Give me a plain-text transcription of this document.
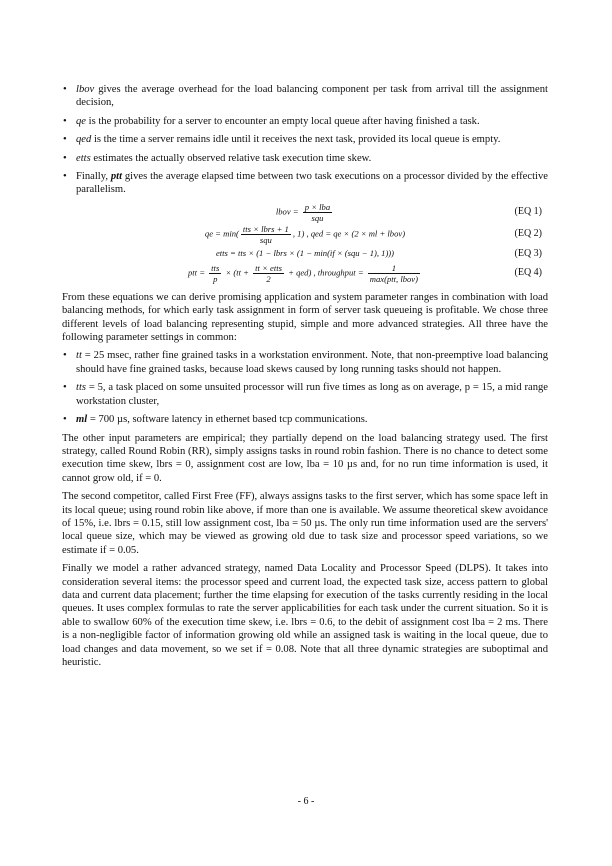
• lbov gives the average overhead for the load balancing component per task from arrival till the assignment decision,
• qe is the probability for a server to encounter an empty local queue after having finished a task.
• qed is the time a server remains idle until it receives the next task, provided its local queue is empty.
• etts estimates the actually observed relative task execution time skew.
• Finally, ptt gives the average elapsed time between two task executions on a processor divided by the effective parallelism.
lbov = $\frac{\text{p × lba}}{\text{squ}}$	(EQ 1)
qe = $\min( \frac{\text{tts × lbrs + 1}}{\text{squ}}$ , 1) , qed = qe × (2 × ml + lbov)	(EQ 2)
etts = tts × (1 − lbrs × (1 − min(if × (squ − 1), 1)))	(EQ 3)
ptt = $\frac{\text{tts}}{p} \times (tt + \frac{\text{tt × etts}}{2} + qed)$ , throughput = $\frac{1}{\text{max(ptt, lbov)}}$	(EQ 4)

From these equations we can derive promising application and system parameter ranges in combination with load balancing methods, for which early task assignment in form of server task queueing is profitable. We chose three different levels of load balancing representing stupid, simple and more advanced strategies. All three have the following parameter settings in common:

• tt = 25 msec, rather fine grained tasks in a workstation environment. Note, that non-preemptive load balancing should have fine grained tasks, because load skews caused by long running tasks should not happen.
• tts = 5, a task placed on some unsuited processor will run five times as long as on average, p = 15, a mid range workstation cluster,
• ml = 700 µs, software latency in ethernet based tcp communications.

The other input parameters are empirical; they partially depend on the load balancing strategy used. The first strategy, called Round Robin (RR), simply assigns tasks in round robin fashion. There is no chance to detect some execution time skew, lbrs = 0, assignment cost are low, lba = 10 µs and, for no run time information is used, it cannot grow old, if = 0.

The second competitor, called First Free (FF), always assigns tasks to the first server, which has some space left in its local queue; using round robin like above, if more than one is available. We assume theoretical skew avoidance of 15%, i.e. lbrs = 0.15, still low assignment cost, lba = 50 µs. The only run time information used are the servers' local queue size, which may be viewed as growing old due to task size and processor speed variations, so we estimate if = 0.05.

Finally we model a rather advanced strategy, named Data Locality and Processor Speed (DLPS). It takes into consideration several items: the processor speed and current load, the expected task size, access pattern to global data and current data placement; further the time elapsing for execution of the tasks currently residing in the local queues. It uses complex formulas to rate the server applicabilities for each task under the current situation. So it is able to swallow 60% of the execution time skew, i.e. lbrs = 0.6, to the debit of assignment cost lba = 2 ms. There is a non-negligible factor of information growing old while an assigned task is waiting in the local queue, due to load changes and data movement, so we set if = 0.08. Note that all three dynamic strategies are suboptimal and heuristic.

- 6 -
